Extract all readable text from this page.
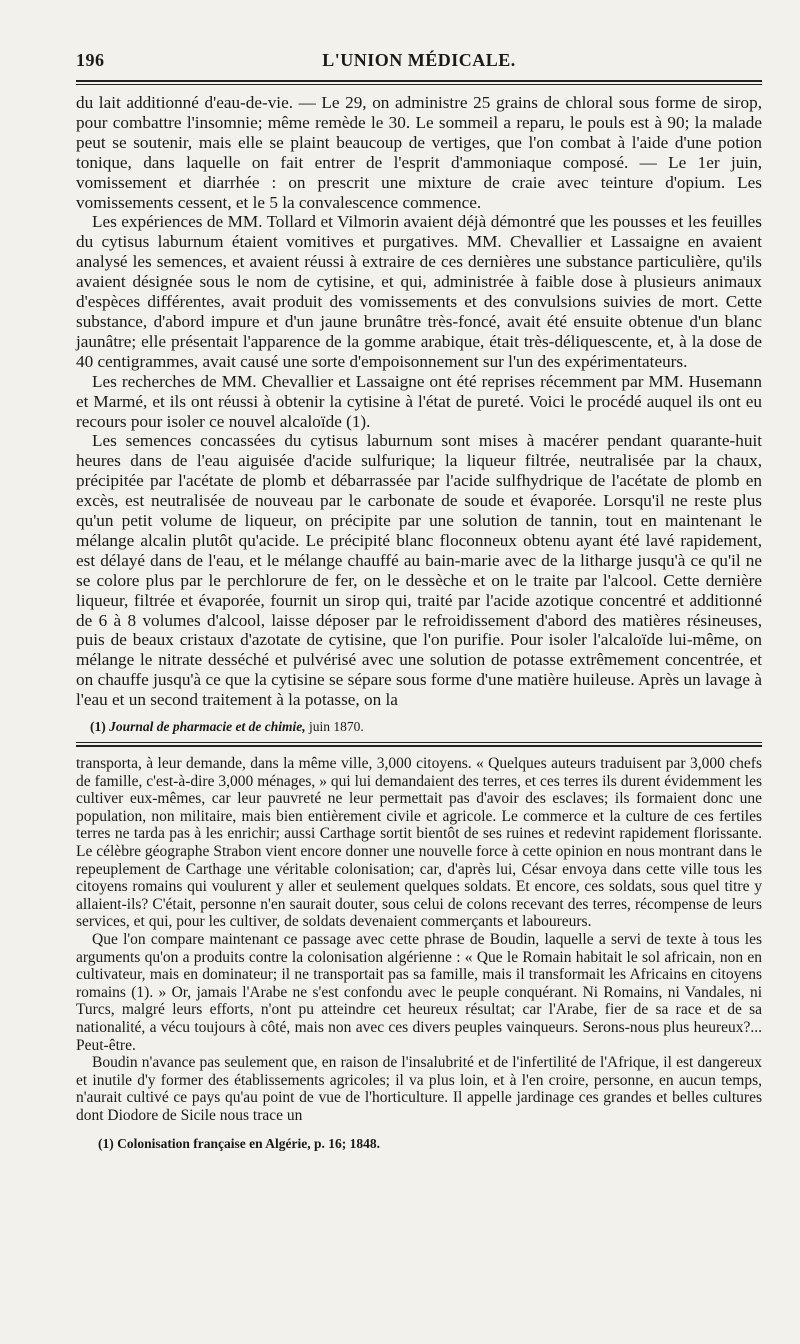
196	L'UNION MÉDICALE.

du lait additionné d'eau-de-vie. — Le 29, on administre 25 grains de chloral sous forme de sirop, pour combattre l'insomnie; même remède le 30. Le sommeil a reparu, le pouls est à 90; la malade peut se soutenir, mais elle se plaint beaucoup de vertiges, que l'on combat à l'aide d'une potion tonique, dans laquelle on fait entrer de l'esprit d'ammoniaque composé. — Le 1er juin, vomissement et diarrhée : on prescrit une mixture de craie avec teinture d'opium. Les vomissements cessent, et le 5 la convalescence commence.

Les expériences de MM. Tollard et Vilmorin avaient déjà démontré que les pousses et les feuilles du cytisus laburnum étaient vomitives et purgatives. MM. Chevallier et Lassaigne en avaient analysé les semences, et avaient réussi à extraire de ces dernières une substance particulière, qu'ils avaient désignée sous le nom de cytisine, et qui, administrée à faible dose à plusieurs animaux d'espèces différentes, avait produit des vomissements et des convulsions suivies de mort. Cette substance, d'abord impure et d'un jaune brunâtre très-foncé, avait été ensuite obtenue d'un blanc jaunâtre; elle présentait l'apparence de la gomme arabique, était très-déliquescente, et, à la dose de 40 centigrammes, avait causé une sorte d'empoisonnement sur l'un des expérimentateurs.

Les recherches de MM. Chevallier et Lassaigne ont été reprises récemment par MM. Husemann et Marmé, et ils ont réussi à obtenir la cytisine à l'état de pureté. Voici le procédé auquel ils ont eu recours pour isoler ce nouvel alcaloïde (1).

Les semences concassées du cytisus laburnum sont mises à macérer pendant quarante-huit heures dans de l'eau aiguisée d'acide sulfurique; la liqueur filtrée, neutralisée par la chaux, précipitée par l'acétate de plomb et débarrassée par l'acide sulfhydrique de l'acétate de plomb en excès, est neutralisée de nouveau par le carbonate de soude et évaporée. Lorsqu'il ne reste plus qu'un petit volume de liqueur, on précipite par une solution de tannin, tout en maintenant le mélange alcalin plutôt qu'acide. Le précipité blanc floconneux obtenu ayant été lavé rapidement, est délayé dans de l'eau, et le mélange chauffé au bain-marie avec de la litharge jusqu'à ce qu'il ne se colore plus par le perchlorure de fer, on le dessèche et on le traite par l'alcool. Cette dernière liqueur, filtrée et évaporée, fournit un sirop qui, traité par l'acide azotique concentré et additionné de 6 à 8 volumes d'alcool, laisse déposer par le refroidissement d'abord des matières résineuses, puis de beaux cristaux d'azotate de cytisine, que l'on purifie. Pour isoler l'alcaloïde lui-même, on mélange le nitrate desséché et pulvérisé avec une solution de potasse extrêmement concentrée, et on chauffe jusqu'à ce que la cytisine se sépare sous forme d'une matière huileuse. Après un lavage à l'eau et un second traitement à la potasse, on la

(1) Journal de pharmacie et de chimie, juin 1870.

transporta, à leur demande, dans la même ville, 3,000 citoyens. « Quelques auteurs traduisent par 3,000 chefs de famille, c'est-à-dire 3,000 ménages, » qui lui demandaient des terres, et ces terres ils durent évidemment les cultiver eux-mêmes, car leur pauvreté ne leur permettait pas d'avoir des esclaves; ils formaient donc une population, non militaire, mais bien entièrement civile et agricole. Le commerce et la culture de ces fertiles terres ne tarda pas à les enrichir; aussi Carthage sortit bientôt de ses ruines et redevint rapidement florissante. Le célèbre géographe Strabon vient encore donner une nouvelle force à cette opinion en nous montrant dans le repeuplement de Carthage une véritable colonisation; car, d'après lui, César envoya dans cette ville tous les citoyens romains qui voulurent y aller et seulement quelques soldats. Et encore, ces soldats, sous quel titre y allaient-ils? C'était, personne n'en saurait douter, sous celui de colons recevant des terres, récompense de leurs services, et qui, pour les cultiver, de soldats devenaient commerçants et laboureurs.

Que l'on compare maintenant ce passage avec cette phrase de Boudin, laquelle a servi de texte à tous les arguments qu'on a produits contre la colonisation algérienne : « Que le Romain habitait le sol africain, non en cultivateur, mais en dominateur; il ne transportait pas sa famille, mais il transformait les Africains en citoyens romains (1). » Or, jamais l'Arabe ne s'est confondu avec le peuple conquérant. Ni Romains, ni Vandales, ni Turcs, malgré leurs efforts, n'ont pu atteindre cet heureux résultat; car l'Arabe, fier de sa race et de sa nationalité, a vécu toujours à côté, mais non avec ces divers peuples vainqueurs. Serons-nous plus heureux?... Peut-être.

Boudin n'avance pas seulement que, en raison de l'insalubrité et de l'infertilité de l'Afrique, il est dangereux et inutile d'y former des établissements agricoles; il va plus loin, et à l'en croire, personne, en aucun temps, n'aurait cultivé ce pays qu'au point de vue de l'horticulture. Il appelle jardinage ces grandes et belles cultures dont Diodore de Sicile nous trace un

(1) Colonisation française en Algérie, p. 16; 1848.
